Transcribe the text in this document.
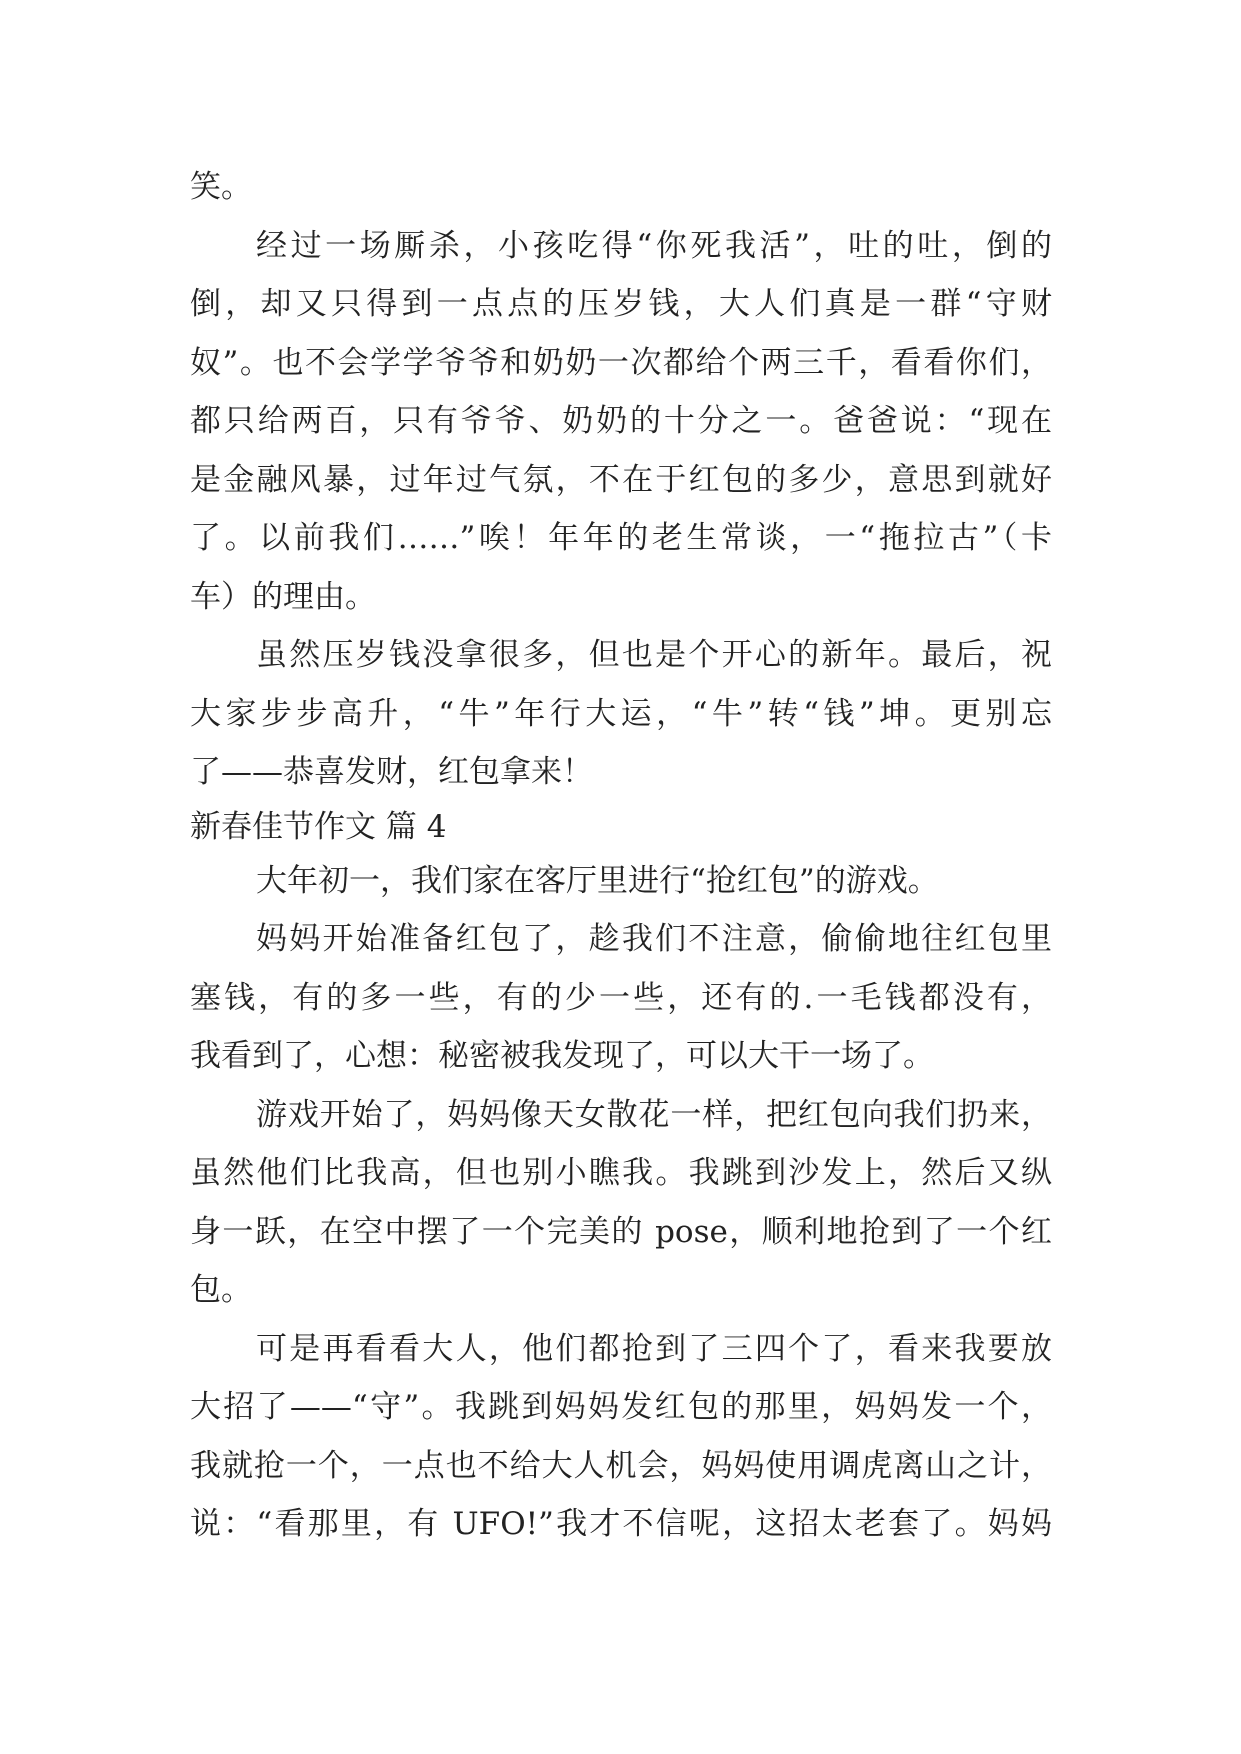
笑。
经过一场厮杀，小孩吃得“你死我活”，吐的吐，倒的
倒，却又只得到一点点的压岁钱，大人们真是一群“守财
奴”。也不会学学爷爷和奶奶一次都给个两三千，看看你们，
都只给两百，只有爷爷、奶奶的十分之一。爸爸说：“现在
是金融风暴，过年过气氛，不在于红包的多少，意思到就好
了。以前我们……”唉！年年的老生常谈，一“拖拉古”（卡
车）的理由。
虽然压岁钱没拿很多，但也是个开心的新年。最后，祝
大家步步高升，“牛”年行大运，“牛”转“钱”坤。更别忘
了——恭喜发财，红包拿来！
新春佳节作文 篇 4
大年初一，我们家在客厅里进行“抢红包”的游戏。
妈妈开始准备红包了，趁我们不注意，偷偷地往红包里
塞钱，有的多一些，有的少一些，还有的.一毛钱都没有，
我看到了，心想：秘密被我发现了，可以大干一场了。
游戏开始了，妈妈像天女散花一样，把红包向我们扔来，
虽然他们比我高，但也别小瞧我。我跳到沙发上，然后又纵
身一跃，在空中摆了一个完美的 pose，顺利地抢到了一个红
包。
可是再看看大人，他们都抢到了三四个了，看来我要放
大招了——“守”。我跳到妈妈发红包的那里，妈妈发一个，
我就抢一个，一点也不给大人机会，妈妈使用调虎离山之计，
说：“看那里，有 UFO!”我才不信呢，这招太老套了。妈妈
